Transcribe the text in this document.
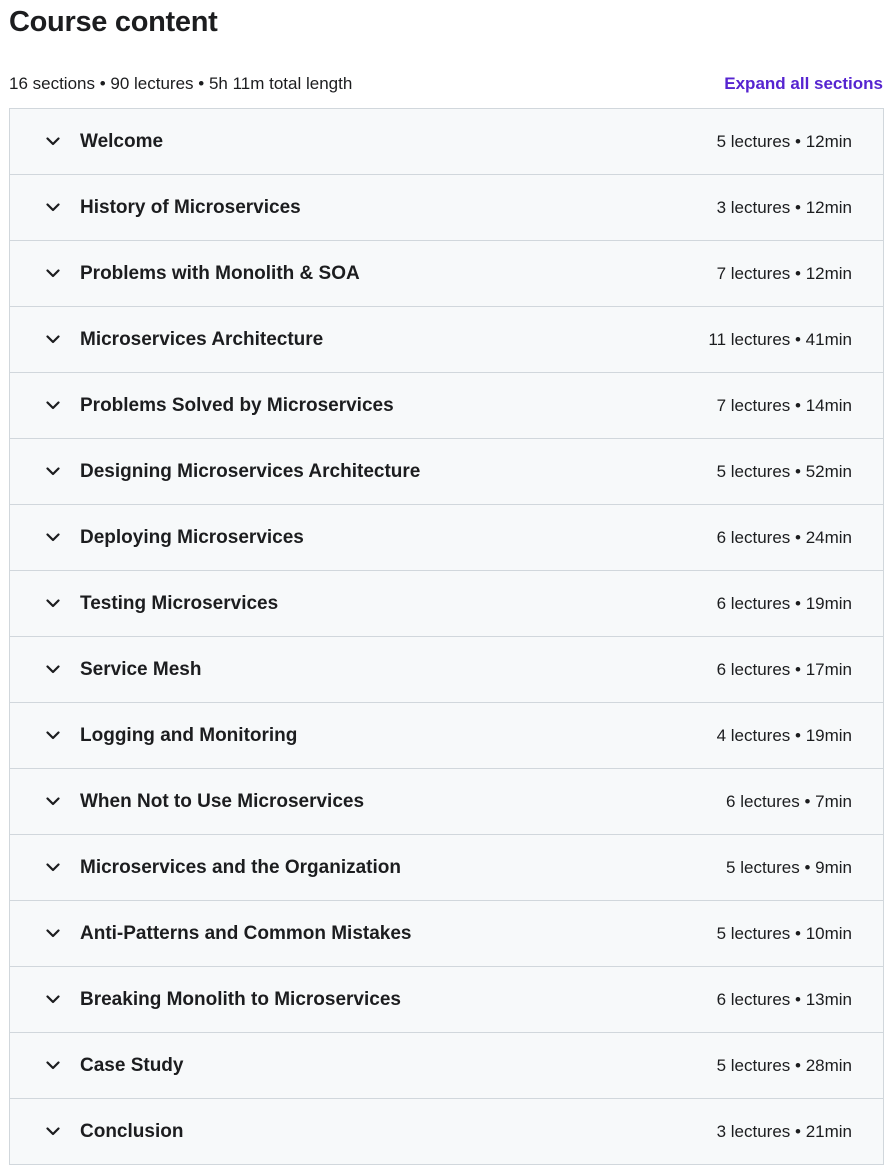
Course content
16 sections • 90 lectures • 5h 11m total length	Expand all sections
Welcome	5 lectures • 12min
History of Microservices	3 lectures • 12min
Problems with Monolith & SOA	7 lectures • 12min
Microservices Architecture	11 lectures • 41min
Problems Solved by Microservices	7 lectures • 14min
Designing Microservices Architecture	5 lectures • 52min
Deploying Microservices	6 lectures • 24min
Testing Microservices	6 lectures • 19min
Service Mesh	6 lectures • 17min
Logging and Monitoring	4 lectures • 19min
When Not to Use Microservices	6 lectures • 7min
Microservices and the Organization	5 lectures • 9min
Anti-Patterns and Common Mistakes	5 lectures • 10min
Breaking Monolith to Microservices	6 lectures • 13min
Case Study	5 lectures • 28min
Conclusion	3 lectures • 21min
